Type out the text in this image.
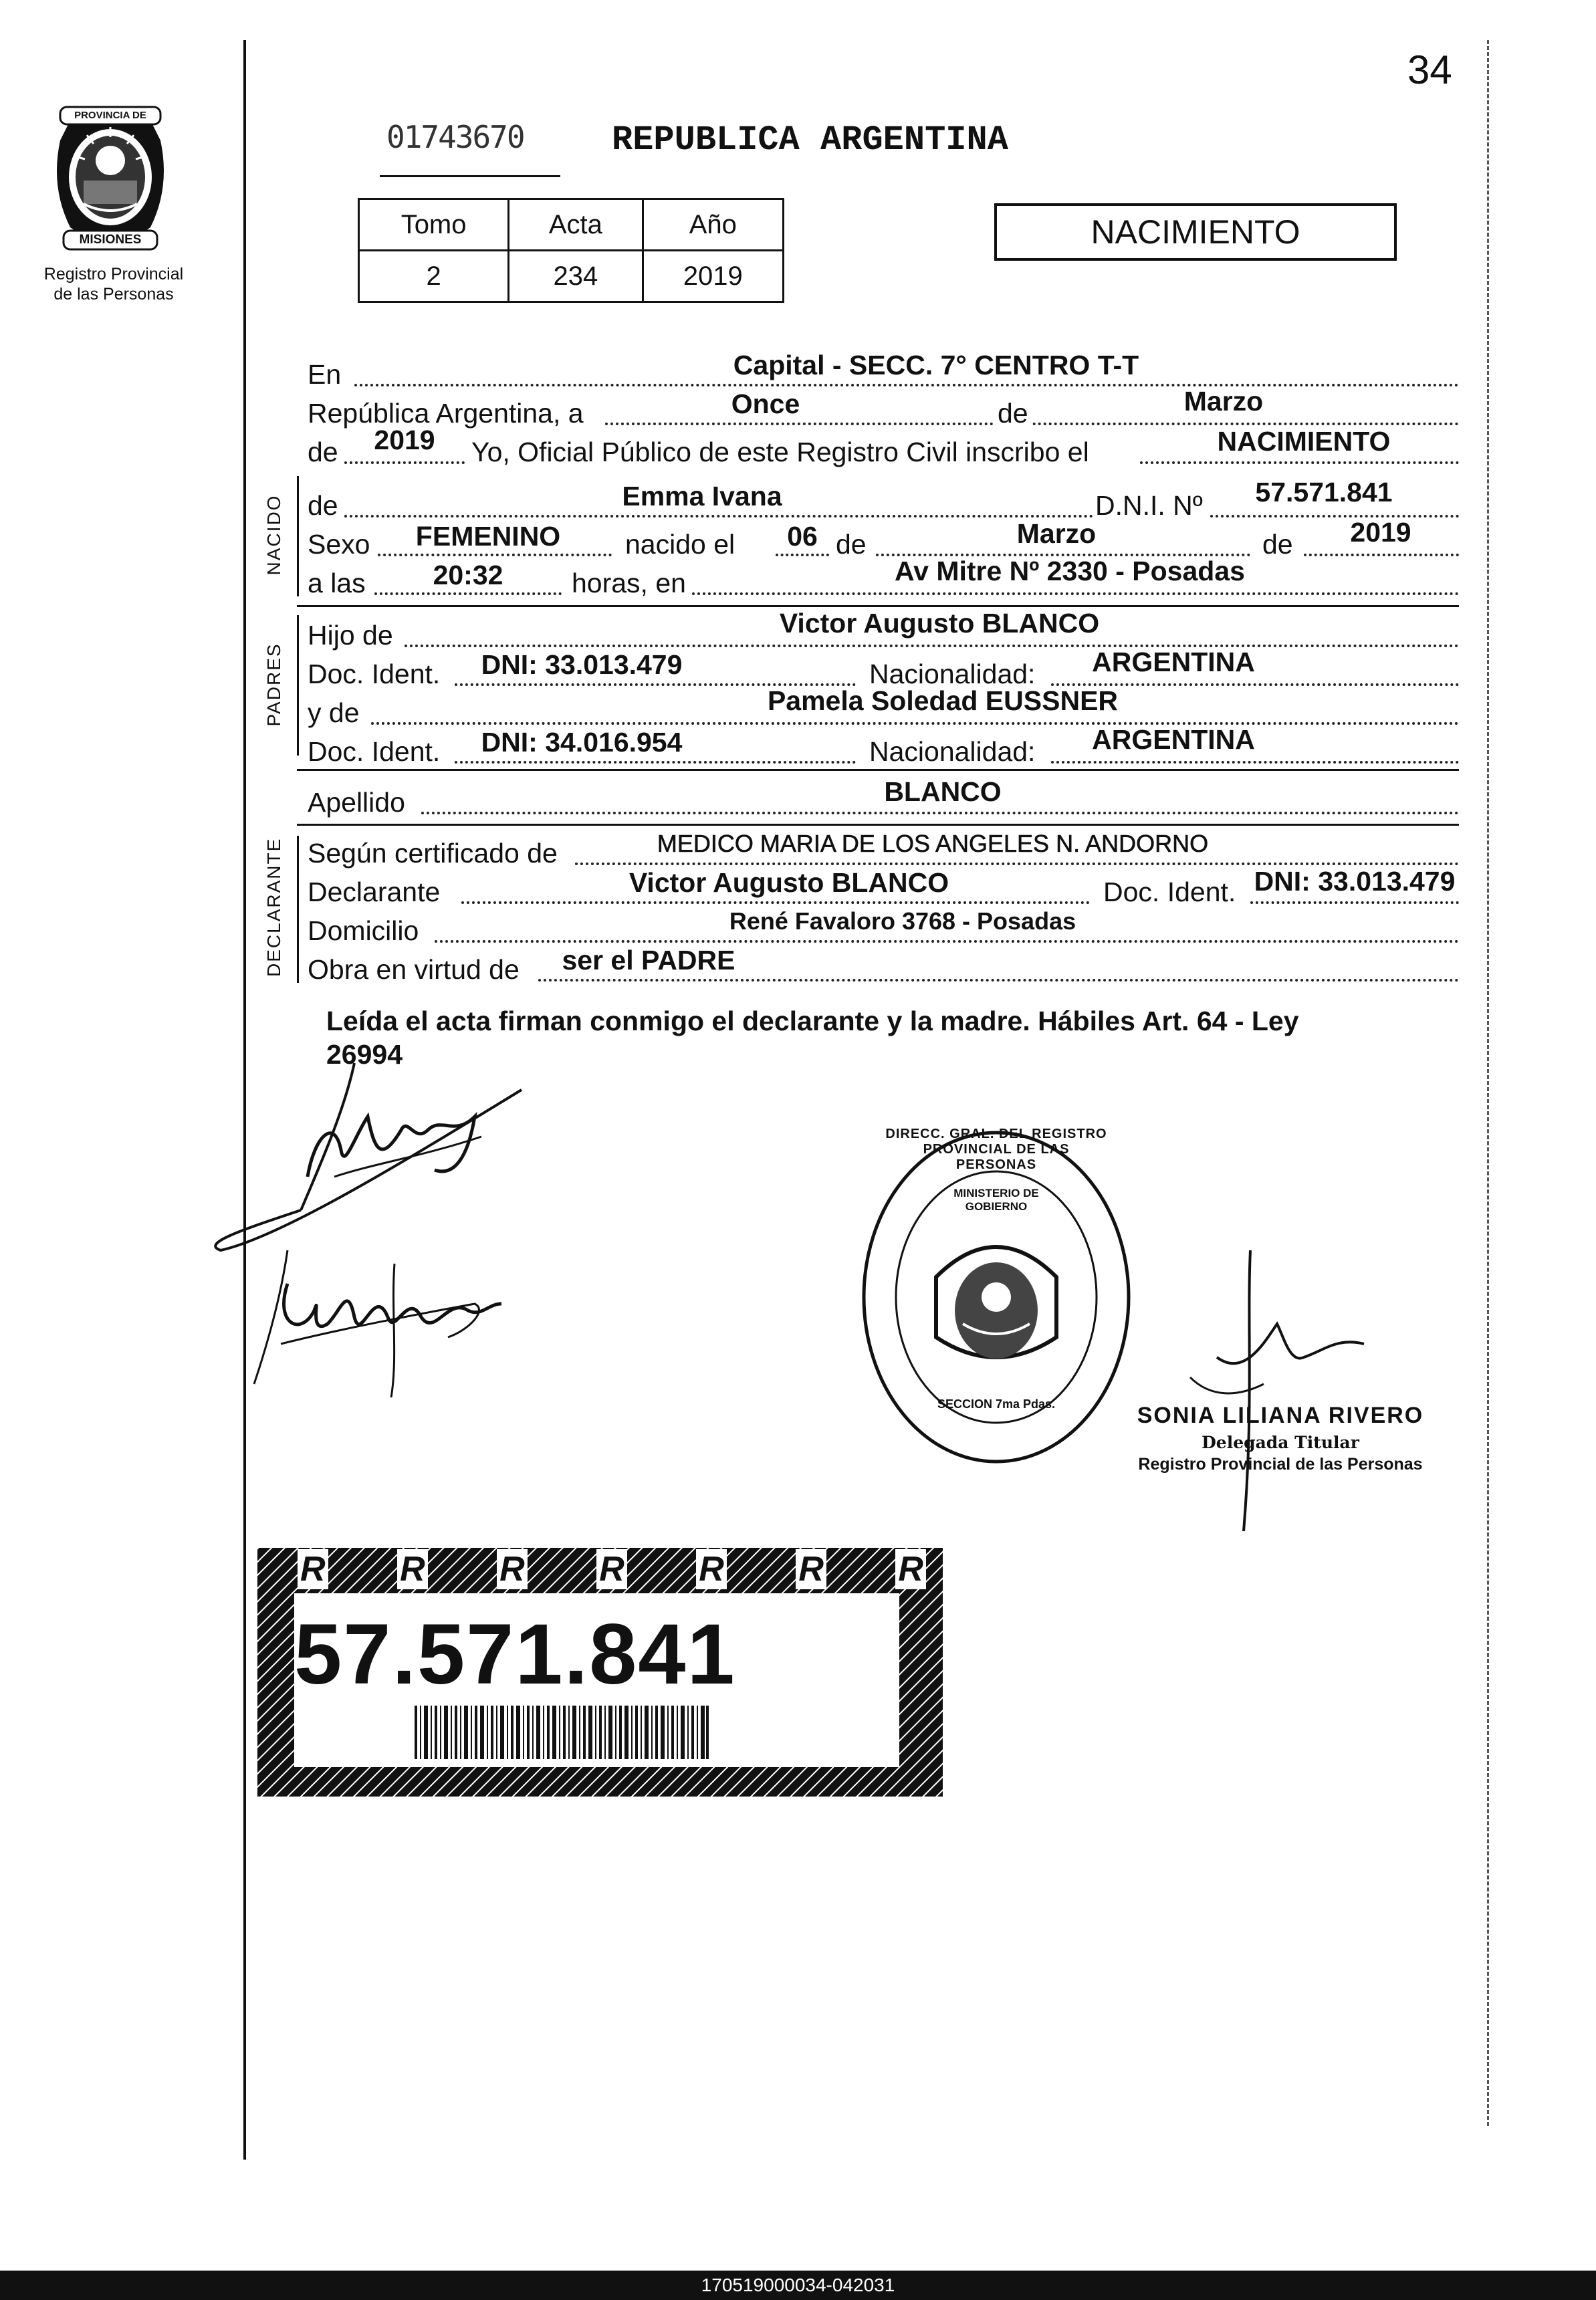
34
PROVINCIA DE
MISIONES
Registro Provincial
de las Personas
01743670	REPUBLICA ARGENTINA
Tomo	Acta	Año
2	234	2019
NACIMIENTO
En	Capital - SECC. 7° CENTRO T-T
República Argentina, a	Once	de	Marzo
de	2019	Yo, Oficial Público de este Registro Civil inscribo el	NACIMIENTO
NACIDO de	Emma Ivana	D.N.I. Nº	57.571.841
Sexo	FEMENINO	nacido el	06 de	Marzo	de	2019
a las	20:32	horas, en	Av Mitre Nº 2330 - Posadas
PADRES
Hijo de	Victor Augusto BLANCO
Doc. Ident.	DNI: 33.013.479	Nacionalidad:	ARGENTINA
y de	Pamela Soledad EUSSNER
Doc. Ident.	DNI: 34.016.954	Nacionalidad:	ARGENTINA
Apellido	BLANCO
DECLARANTE Según certificado de	MEDICO MARIA DE LOS ANGELES N. ANDORNO
Declarante	Victor Augusto BLANCO	Doc. Ident. DNI: 33.013.479
Domicilio	René Favaloro 3768 - Posadas
Obra en virtud de	ser el PADRE
Leída el acta firman conmigo el declarante y la madre. Hábiles Art. 64 - Ley
26994
DIRECC. GRAL. DEL REGISTRO PROVINCIAL DE LAS PERSONAS
MINISTERIO DE GOBIERNO
SECCION 7ma Pdas.	SONIA LILIANA RIVERO
Delegada Titular
Registro Provincial de las Personas
R R R R R R R
57.571.841
170519000034-042031
